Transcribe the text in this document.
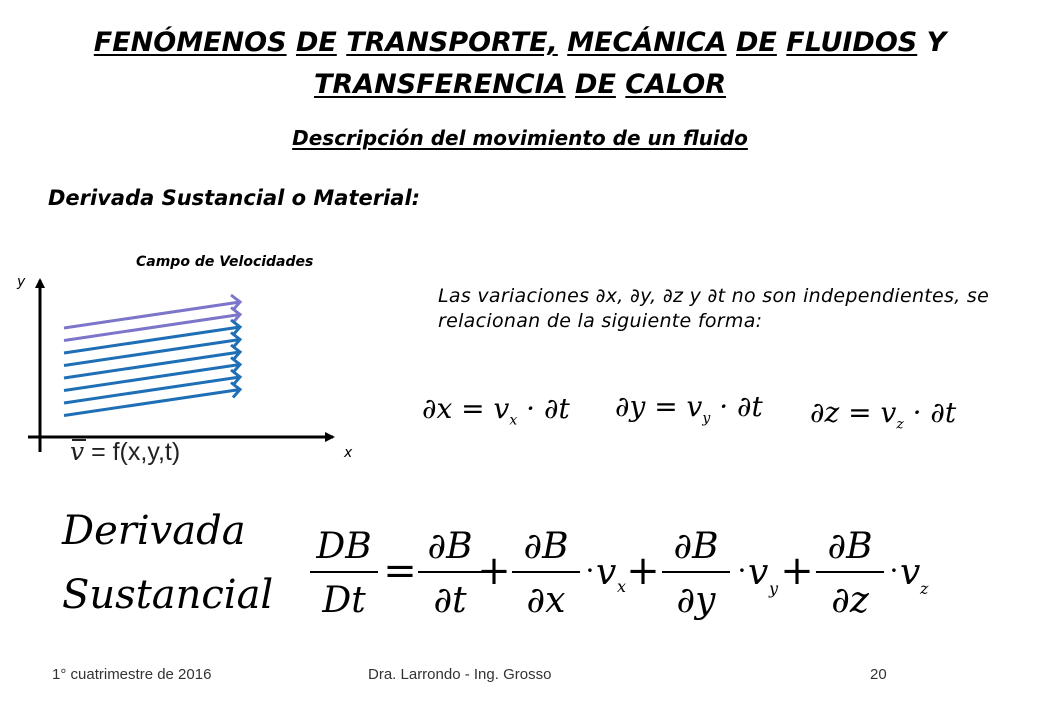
FENÓMENOS DE TRANSPORTE, MECÁNICA DE FLUIDOS Y
TRANSFERENCIA DE CALOR
Descripción del movimiento de un fluido
Derivada Sustancial o Material:
Campo de Velocidades
y
x
v = f(x,y,t)
Las variaciones ∂x, ∂y, ∂z y ∂t no son independientes, se relacionan de la siguiente forma:
$\partial x = v_x \cdot \partial t$ $\partial y = v_y \cdot \partial t$ $\partial z = v_z \cdot \partial t$
Derivada
Sustancial
DB
Dt
=
∂B
∂t
+
∂B
∂x
· v x +
∂B
∂y
· v y +
∂B
∂z
· v z
1° cuatrimestre de 2016	Dra. Larrondo - Ing. Grosso	20
